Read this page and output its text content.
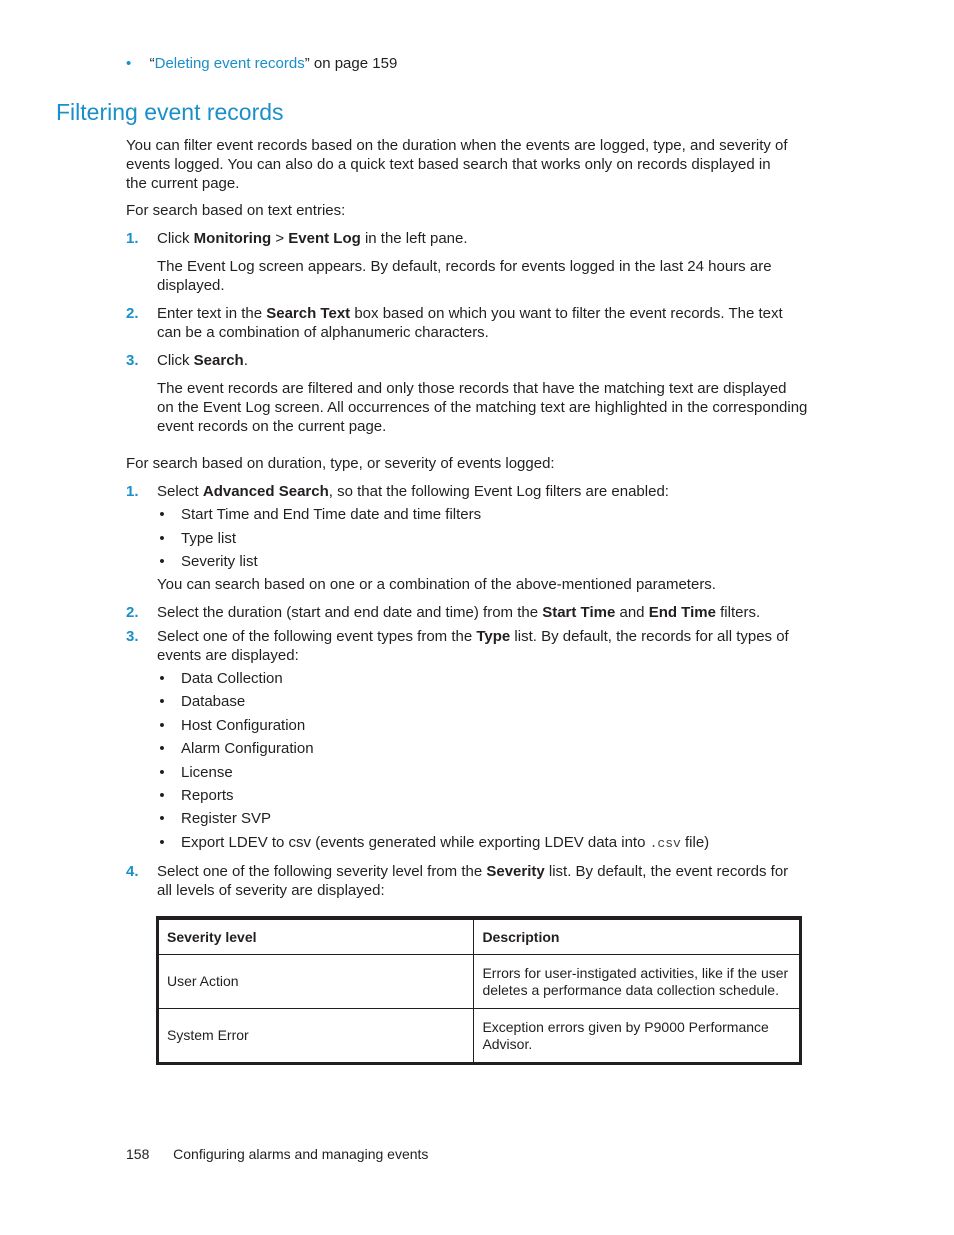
• “Deleting event records” on page 159
Filtering event records
You can filter event records based on the duration when the events are logged, type, and severity of
events logged. You can also do a quick text based search that works only on records displayed in
the current page.
For search based on text entries:
1. Click Monitoring > Event Log in the left pane.
The Event Log screen appears. By default, records for events logged in the last 24 hours are
displayed.
2. Enter text in the Search Text box based on which you want to filter the event records. The text
can be a combination of alphanumeric characters.
3. Click Search.
The event records are filtered and only those records that have the matching text are displayed
on the Event Log screen. All occurrences of the matching text are highlighted in the corresponding
event records on the current page.
For search based on duration, type, or severity of events logged:
1. Select Advanced Search, so that the following Event Log filters are enabled:
• Start Time and End Time date and time filters
• Type list
• Severity list
You can search based on one or a combination of the above-mentioned parameters.
2. Select the duration (start and end date and time) from the Start Time and End Time filters.
3. Select one of the following event types from the Type list. By default, the records for all types of
events are displayed:
• Data Collection
• Database
• Host Configuration
• Alarm Configuration
• License
• Reports
• Register SVP
• Export LDEV to csv (events generated while exporting LDEV data into .csv file)
4. Select one of the following severity level from the Severity list. By default, the event records for
all levels of severity are displayed:
Severity level	Description
User Action	Errors for user-instigated activities, like if the user
deletes a performance data collection schedule.

System Error	Exception errors given by P9000 Performance
Advisor.
158 Configuring alarms and managing events
